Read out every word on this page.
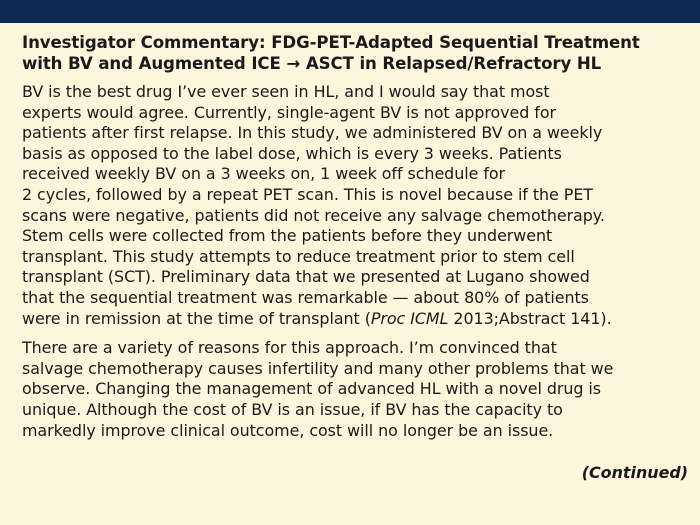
Investigator Commentary: FDG-PET-Adapted Sequential Treatment
with BV and Augmented ICE → ASCT in Relapsed/Refractory HL

BV is the best drug I’ve ever seen in HL, and I would say that most
experts would agree. Currently, single-agent BV is not approved for
patients after first relapse. In this study, we administered BV on a weekly
basis as opposed to the label dose, which is every 3 weeks. Patients
received weekly BV on a 3 weeks on, 1 week off schedule for
2 cycles, followed by a repeat PET scan. This is novel because if the PET
scans were negative, patients did not receive any salvage chemotherapy.
Stem cells were collected from the patients before they underwent
transplant. This study attempts to reduce treatment prior to stem cell
transplant (SCT). Preliminary data that we presented at Lugano showed
that the sequential treatment was remarkable — about 80% of patients
were in remission at the time of transplant (Proc ICML 2013;Abstract 141).

There are a variety of reasons for this approach. I’m convinced that
salvage chemotherapy causes infertility and many other problems that we
observe. Changing the management of advanced HL with a novel drug is
unique. Although the cost of BV is an issue, if BV has the capacity to
markedly improve clinical outcome, cost will no longer be an issue.

(Continued)
